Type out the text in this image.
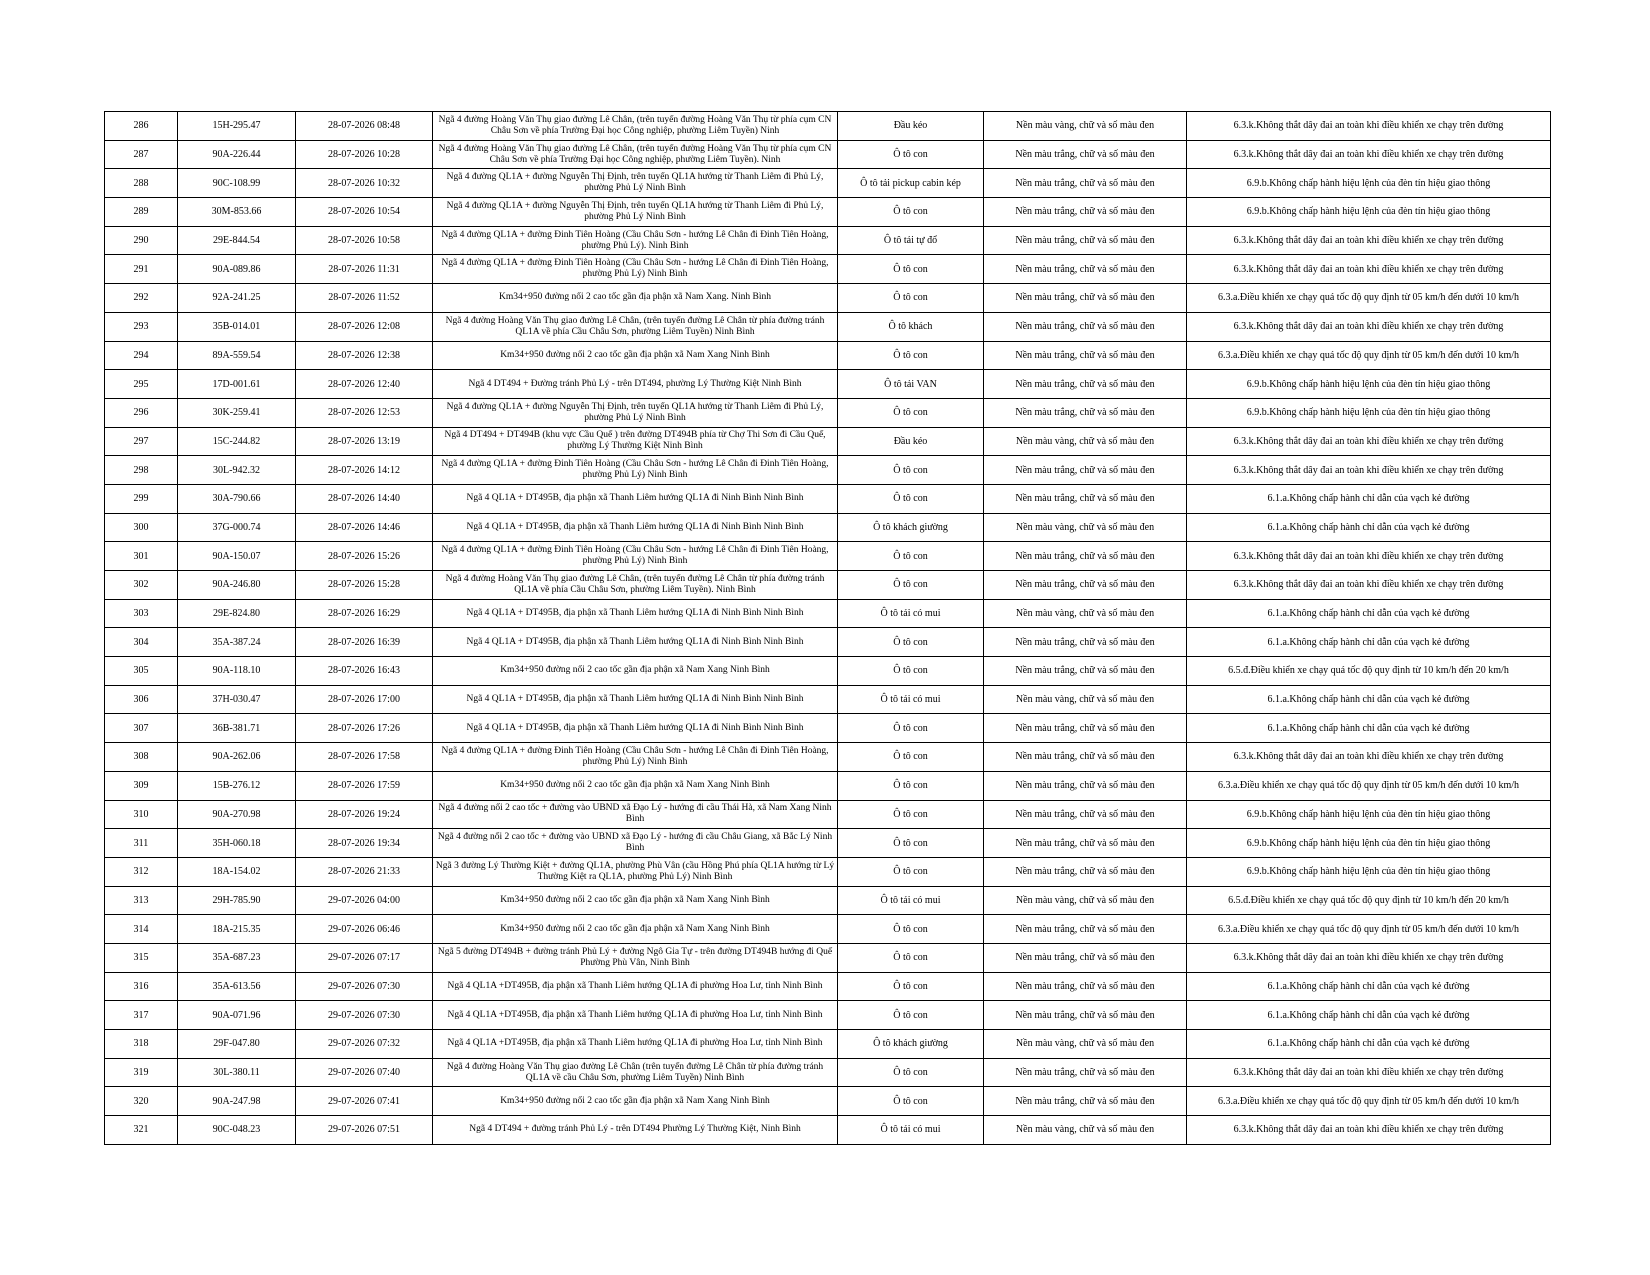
286	15H-295.47	28-07-2026 08:48	Ngã 4 đường Hoàng Văn Thụ giao đường Lê Chân, (trên tuyến đường Hoàng Văn Thụ từ phía cụm CN Châu Sơn về phía Trường Đại học Công nghiệp, phường Liêm Tuyền) Ninh	Đầu kéo	Nền màu vàng, chữ và số màu đen	6.3.k.Không thắt dây đai an toàn khi điều khiển xe chạy trên đường
287	90A-226.44	28-07-2026 10:28	Ngã 4 đường Hoàng Văn Thụ giao đường Lê Chân, (trên tuyến đường Hoàng Văn Thụ từ phía cụm CN Châu Sơn về phía Trường Đại học Công nghiệp, phường Liêm Tuyền). Ninh	Ô tô con	Nền màu trắng, chữ và số màu đen	6.3.k.Không thắt dây đai an toàn khi điều khiển xe chạy trên đường
288	90C-108.99	28-07-2026 10:32	Ngã 4 đường QL1A + đường Nguyễn Thị Định, trên tuyến QL1A hướng từ Thanh Liêm đi Phủ Lý, phường Phủ Lý Ninh Bình	Ô tô tải pickup cabin kép	Nền màu trắng, chữ và số màu đen	6.9.b.Không chấp hành hiệu lệnh của đèn tín hiệu giao thông
289	30M-853.66	28-07-2026 10:54	Ngã 4 đường QL1A + đường Nguyễn Thị Định, trên tuyến QL1A hướng từ Thanh Liêm đi Phủ Lý, phường Phủ Lý Ninh Bình	Ô tô con	Nền màu trắng, chữ và số màu đen	6.9.b.Không chấp hành hiệu lệnh của đèn tín hiệu giao thông
290	29E-844.54	28-07-2026 10:58	Ngã 4 đường QL1A + đường Đinh Tiên Hoàng (Cầu Châu Sơn - hướng Lê Chân đi Đinh Tiên Hoàng, phường Phủ Lý). Ninh Bình	Ô tô tải tự đổ	Nền màu trắng, chữ và số màu đen	6.3.k.Không thắt dây đai an toàn khi điều khiển xe chạy trên đường
291	90A-089.86	28-07-2026 11:31	Ngã 4 đường QL1A + đường Đinh Tiên Hoàng (Cầu Châu Sơn - hướng Lê Chân đi Đinh Tiên Hoàng, phường Phủ Lý) Ninh Bình	Ô tô con	Nền màu trắng, chữ và số màu đen	6.3.k.Không thắt dây đai an toàn khi điều khiển xe chạy trên đường
292	92A-241.25	28-07-2026 11:52	Km34+950 đường nối 2 cao tốc gần địa phận xã Nam Xang. Ninh Bình	Ô tô con	Nền màu trắng, chữ và số màu đen	6.3.a.Điều khiển xe chạy quá tốc độ quy định từ 05 km/h đến dưới 10 km/h
293	35B-014.01	28-07-2026 12:08	Ngã 4 đường Hoàng Văn Thụ giao đường Lê Chân, (trên tuyến đường Lê Chân từ phía đường tránh QL1A về phía Cầu Châu Sơn, phường Liêm Tuyền) Ninh Bình	Ô tô khách	Nền màu trắng, chữ và số màu đen	6.3.k.Không thắt dây đai an toàn khi điều khiển xe chạy trên đường
294	89A-559.54	28-07-2026 12:38	Km34+950 đường nối 2 cao tốc gần địa phận xã Nam Xang Ninh Bình	Ô tô con	Nền màu trắng, chữ và số màu đen	6.3.a.Điều khiển xe chạy quá tốc độ quy định từ 05 km/h đến dưới 10 km/h
295	17D-001.61	28-07-2026 12:40	Ngã 4 DT494 + Đường tránh Phủ Lý - trên DT494, phường Lý Thường Kiệt Ninh Bình	Ô tô tải VAN	Nền màu trắng, chữ và số màu đen	6.9.b.Không chấp hành hiệu lệnh của đèn tín hiệu giao thông
296	30K-259.41	28-07-2026 12:53	Ngã 4 đường QL1A + đường Nguyễn Thị Định, trên tuyến QL1A hướng từ Thanh Liêm đi Phủ Lý, phường Phủ Lý Ninh Bình	Ô tô con	Nền màu trắng, chữ và số màu đen	6.9.b.Không chấp hành hiệu lệnh của đèn tín hiệu giao thông
297	15C-244.82	28-07-2026 13:19	Ngã 4 DT494 + DT494B (khu vực Cầu Quế ) trên đường DT494B phía từ Chợ Thi Sơn đi Cầu Quế, phường Lý Thường Kiệt Ninh Bình	Đầu kéo	Nền màu vàng, chữ và số màu đen	6.3.k.Không thắt dây đai an toàn khi điều khiển xe chạy trên đường
298	30L-942.32	28-07-2026 14:12	Ngã 4 đường QL1A + đường Đinh Tiên Hoàng (Cầu Châu Sơn - hướng Lê Chân đi Đinh Tiên Hoàng, phường Phủ Lý) Ninh Bình	Ô tô con	Nền màu trắng, chữ và số màu đen	6.3.k.Không thắt dây đai an toàn khi điều khiển xe chạy trên đường
299	30A-790.66	28-07-2026 14:40	Ngã 4 QL1A + DT495B, địa phận xã Thanh Liêm hướng QL1A đi Ninh Bình Ninh Bình	Ô tô con	Nền màu trắng, chữ và số màu đen	6.1.a.Không chấp hành chỉ dẫn của vạch kẻ đường
300	37G-000.74	28-07-2026 14:46	Ngã 4 QL1A + DT495B, địa phận xã Thanh Liêm hướng QL1A đi Ninh Bình Ninh Bình	Ô tô khách giường	Nền màu vàng, chữ và số màu đen	6.1.a.Không chấp hành chỉ dẫn của vạch kẻ đường
301	90A-150.07	28-07-2026 15:26	Ngã 4 đường QL1A + đường Đinh Tiên Hoàng (Cầu Châu Sơn - hướng Lê Chân đi Đinh Tiên Hoàng, phường Phủ Lý) Ninh Bình	Ô tô con	Nền màu trắng, chữ và số màu đen	6.3.k.Không thắt dây đai an toàn khi điều khiển xe chạy trên đường
302	90A-246.80	28-07-2026 15:28	Ngã 4 đường Hoàng Văn Thụ giao đường Lê Chân, (trên tuyến đường Lê Chân từ phía đường tránh QL1A về phía Cầu Châu Sơn, phường Liêm Tuyền). Ninh Bình	Ô tô con	Nền màu trắng, chữ và số màu đen	6.3.k.Không thắt dây đai an toàn khi điều khiển xe chạy trên đường
303	29E-824.80	28-07-2026 16:29	Ngã 4 QL1A + DT495B, địa phận xã Thanh Liêm hướng QL1A đi Ninh Bình Ninh Bình	Ô tô tải có mui	Nền màu vàng, chữ và số màu đen	6.1.a.Không chấp hành chỉ dẫn của vạch kẻ đường
304	35A-387.24	28-07-2026 16:39	Ngã 4 QL1A + DT495B, địa phận xã Thanh Liêm hướng QL1A đi Ninh Bình Ninh Bình	Ô tô con	Nền màu trắng, chữ và số màu đen	6.1.a.Không chấp hành chỉ dẫn của vạch kẻ đường
305	90A-118.10	28-07-2026 16:43	Km34+950 đường nối 2 cao tốc gần địa phận xã Nam Xang Ninh Bình	Ô tô con	Nền màu trắng, chữ và số màu đen	6.5.đ.Điều khiển xe chạy quá tốc độ quy định từ 10 km/h đến 20 km/h
306	37H-030.47	28-07-2026 17:00	Ngã 4 QL1A + DT495B, địa phận xã Thanh Liêm hướng QL1A đi Ninh Bình Ninh Bình	Ô tô tải có mui	Nền màu vàng, chữ và số màu đen	6.1.a.Không chấp hành chỉ dẫn của vạch kẻ đường
307	36B-381.71	28-07-2026 17:26	Ngã 4 QL1A + DT495B, địa phận xã Thanh Liêm hướng QL1A đi Ninh Bình Ninh Bình	Ô tô con	Nền màu trắng, chữ và số màu đen	6.1.a.Không chấp hành chỉ dẫn của vạch kẻ đường
308	90A-262.06	28-07-2026 17:58	Ngã 4 đường QL1A + đường Đinh Tiên Hoàng (Cầu Châu Sơn - hướng Lê Chân đi Đinh Tiên Hoàng, phường Phủ Lý) Ninh Bình	Ô tô con	Nền màu trắng, chữ và số màu đen	6.3.k.Không thắt dây đai an toàn khi điều khiển xe chạy trên đường
309	15B-276.12	28-07-2026 17:59	Km34+950 đường nối 2 cao tốc gần địa phận xã Nam Xang Ninh Bình	Ô tô con	Nền màu trắng, chữ và số màu đen	6.3.a.Điều khiển xe chạy quá tốc độ quy định từ 05 km/h đến dưới 10 km/h
310	90A-270.98	28-07-2026 19:24	Ngã 4 đường nối 2 cao tốc + đường vào UBND xã Đạo Lý - hướng đi cầu Thái Hà, xã Nam Xang Ninh Bình	Ô tô con	Nền màu trắng, chữ và số màu đen	6.9.b.Không chấp hành hiệu lệnh của đèn tín hiệu giao thông
311	35H-060.18	28-07-2026 19:34	Ngã 4 đường nối 2 cao tốc + đường vào UBND xã Đạo Lý - hướng đi cầu Châu Giang, xã Bắc Lý Ninh Bình	Ô tô con	Nền màu trắng, chữ và số màu đen	6.9.b.Không chấp hành hiệu lệnh của đèn tín hiệu giao thông
312	18A-154.02	28-07-2026 21:33	Ngã 3 đường Lý Thường Kiệt + đường QL1A, phường Phù Vân (cầu Hồng Phú phía QL1A hướng từ Lý Thường Kiệt ra QL1A, phường Phủ Lý) Ninh Bình	Ô tô con	Nền màu trắng, chữ và số màu đen	6.9.b.Không chấp hành hiệu lệnh của đèn tín hiệu giao thông
313	29H-785.90	29-07-2026 04:00	Km34+950 đường nối 2 cao tốc gần địa phận xã Nam Xang Ninh Bình	Ô tô tải có mui	Nền màu vàng, chữ và số màu đen	6.5.đ.Điều khiển xe chạy quá tốc độ quy định từ 10 km/h đến 20 km/h
314	18A-215.35	29-07-2026 06:46	Km34+950 đường nối 2 cao tốc gần địa phận xã Nam Xang Ninh Bình	Ô tô con	Nền màu trắng, chữ và số màu đen	6.3.a.Điều khiển xe chạy quá tốc độ quy định từ 05 km/h đến dưới 10 km/h
315	35A-687.23	29-07-2026 07:17	Ngã 5 đường DT494B + đường tránh Phủ Lý + đường Ngô Gia Tự - trên đường DT494B hướng đi Quế Phường Phù Vân, Ninh Bình	Ô tô con	Nền màu trắng, chữ và số màu đen	6.3.k.Không thắt dây đai an toàn khi điều khiển xe chạy trên đường
316	35A-613.56	29-07-2026 07:30	Ngã 4 QL1A +DT495B, địa phận xã Thanh Liêm hướng QL1A đi phường Hoa Lư, tỉnh Ninh Bình	Ô tô con	Nền màu trắng, chữ và số màu đen	6.1.a.Không chấp hành chỉ dẫn của vạch kẻ đường
317	90A-071.96	29-07-2026 07:30	Ngã 4 QL1A +DT495B, địa phận xã Thanh Liêm hướng QL1A đi phường Hoa Lư, tỉnh Ninh Bình	Ô tô con	Nền màu trắng, chữ và số màu đen	6.1.a.Không chấp hành chỉ dẫn của vạch kẻ đường
318	29F-047.80	29-07-2026 07:32	Ngã 4 QL1A +DT495B, địa phận xã Thanh Liêm hướng QL1A đi phường Hoa Lư, tỉnh Ninh Bình	Ô tô khách giường	Nền màu vàng, chữ và số màu đen	6.1.a.Không chấp hành chỉ dẫn của vạch kẻ đường
319	30L-380.11	29-07-2026 07:40	Ngã 4 đường Hoàng Văn Thụ giao đường Lê Chân (trên tuyến đường Lê Chân từ phía đường tránh QL1A về cầu Châu Sơn, phường Liêm Tuyền) Ninh Bình	Ô tô con	Nền màu trắng, chữ và số màu đen	6.3.k.Không thắt dây đai an toàn khi điều khiển xe chạy trên đường
320	90A-247.98	29-07-2026 07:41	Km34+950 đường nối 2 cao tốc gần địa phận xã Nam Xang Ninh Bình	Ô tô con	Nền màu trắng, chữ và số màu đen	6.3.a.Điều khiển xe chạy quá tốc độ quy định từ 05 km/h đến dưới 10 km/h
321	90C-048.23	29-07-2026 07:51	Ngã 4 DT494 + đường tránh Phủ Lý - trên DT494 Phường Lý Thường Kiệt, Ninh Bình	Ô tô tải có mui	Nền màu vàng, chữ và số màu đen	6.3.k.Không thắt dây đai an toàn khi điều khiển xe chạy trên đường
